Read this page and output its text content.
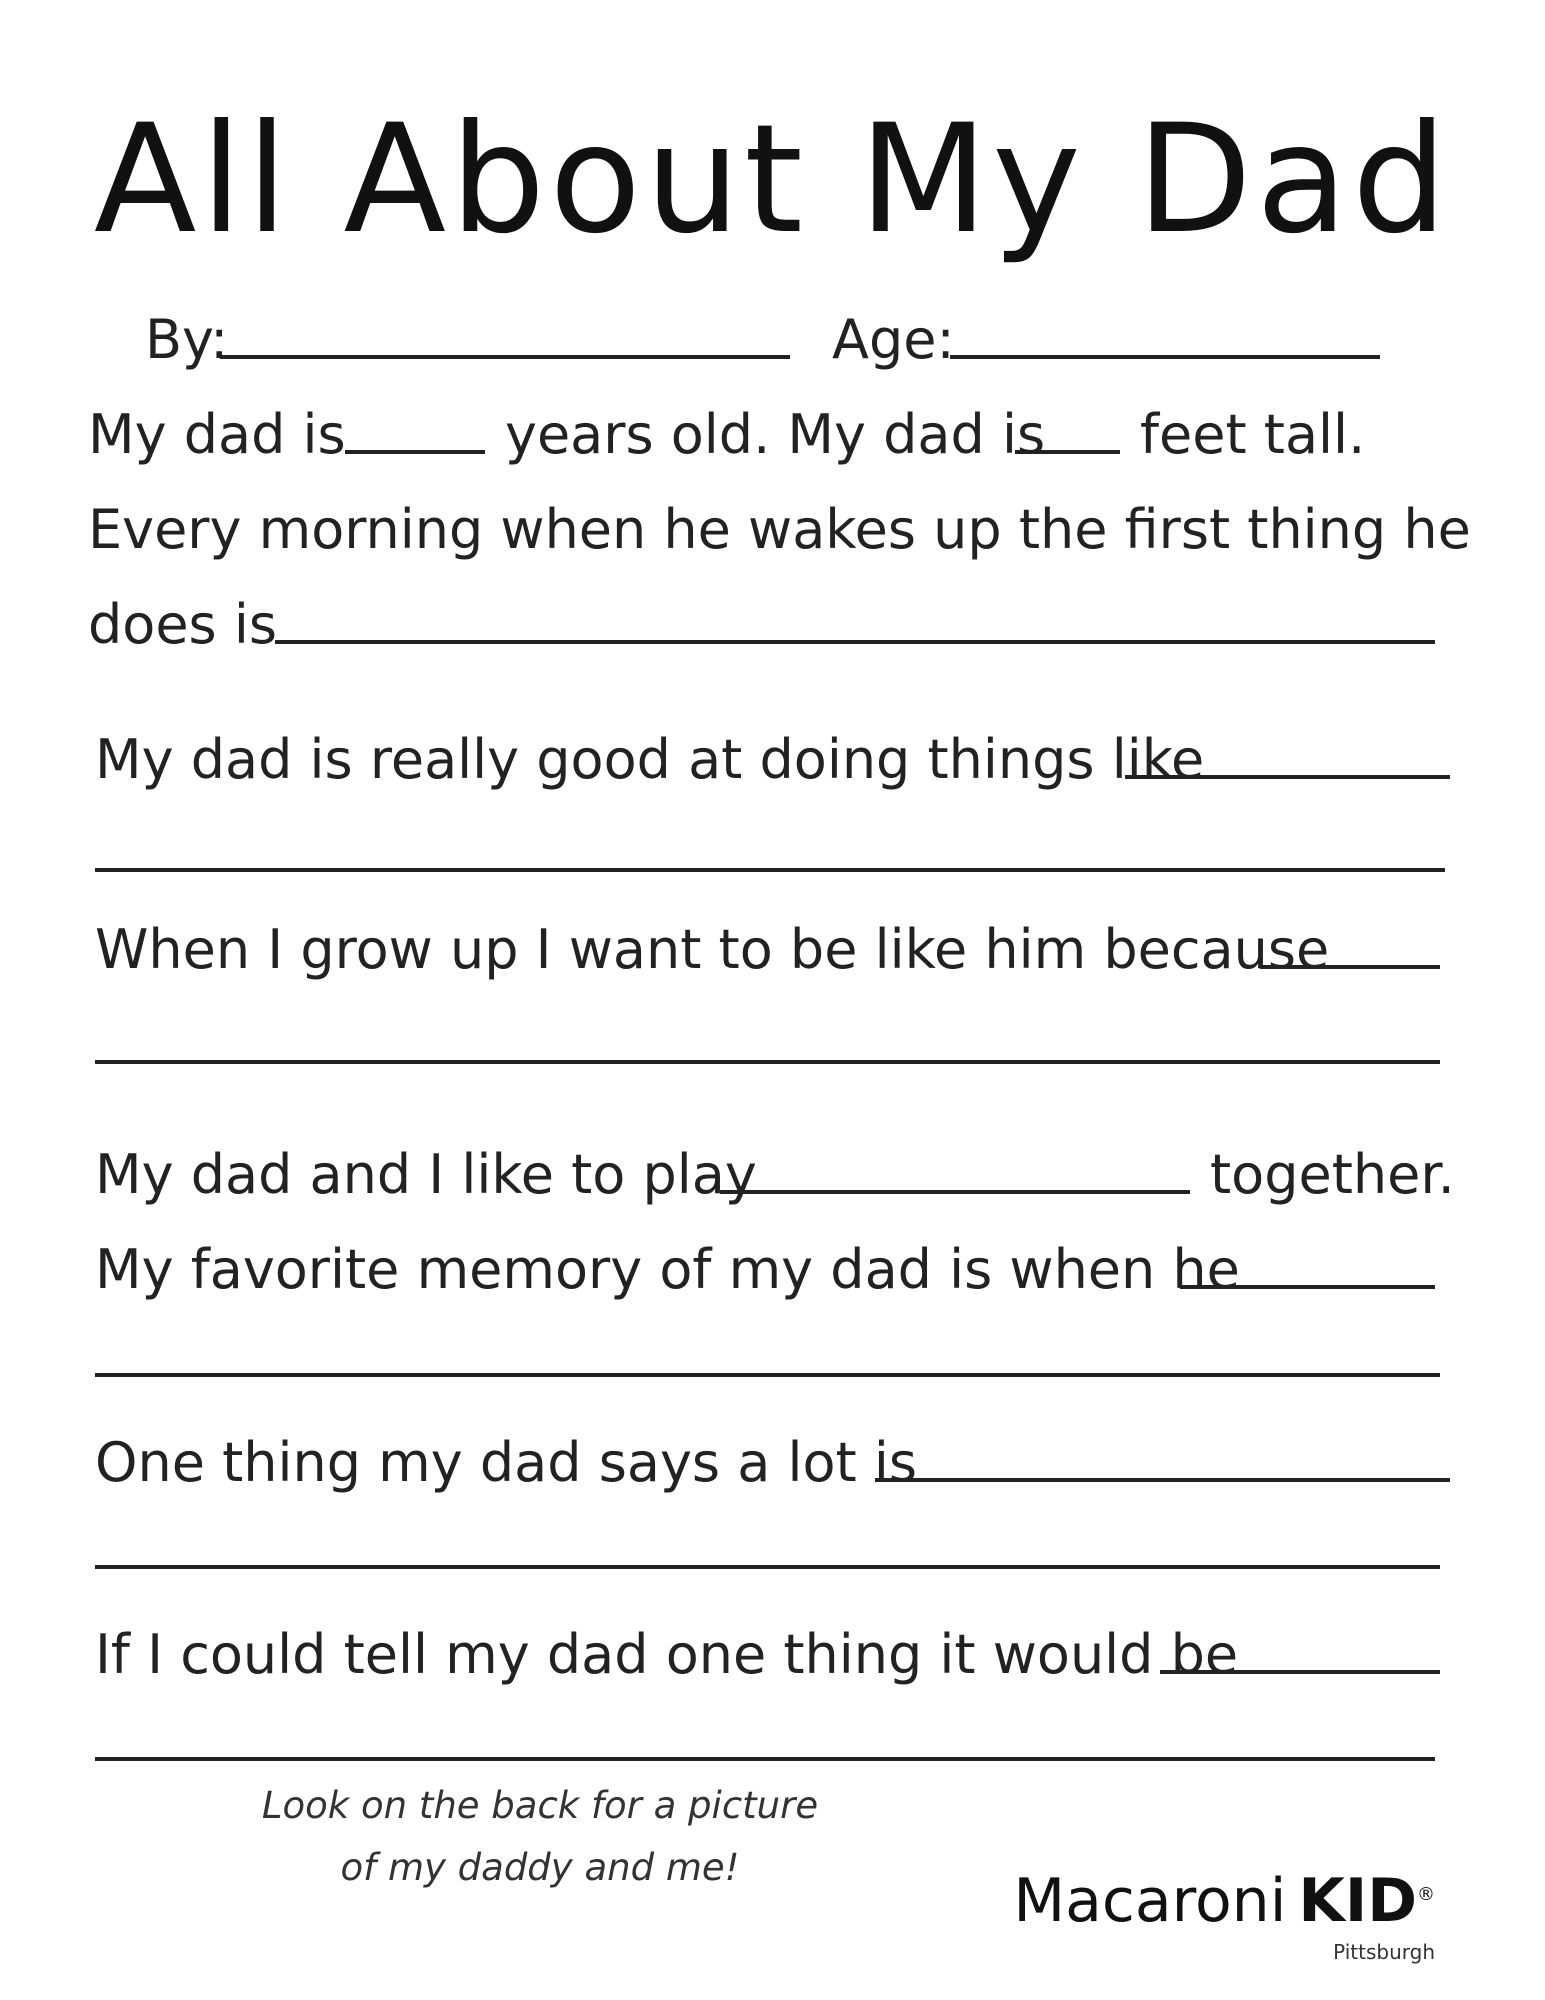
All About My Dad
By:	Age:
My dad is	years old. My dad is feet tall.
Every morning when he wakes up the first thing he
does is
My dad is really good at doing things like
When I grow up I want to be like him because
My dad and I like to play	together.
My favorite memory of my dad is when he
One thing my dad says a lot is
If I could tell my dad one thing it would be
Look on the back for a picture
of my daddy and me!	Macaroni KID®
Pittsburgh
